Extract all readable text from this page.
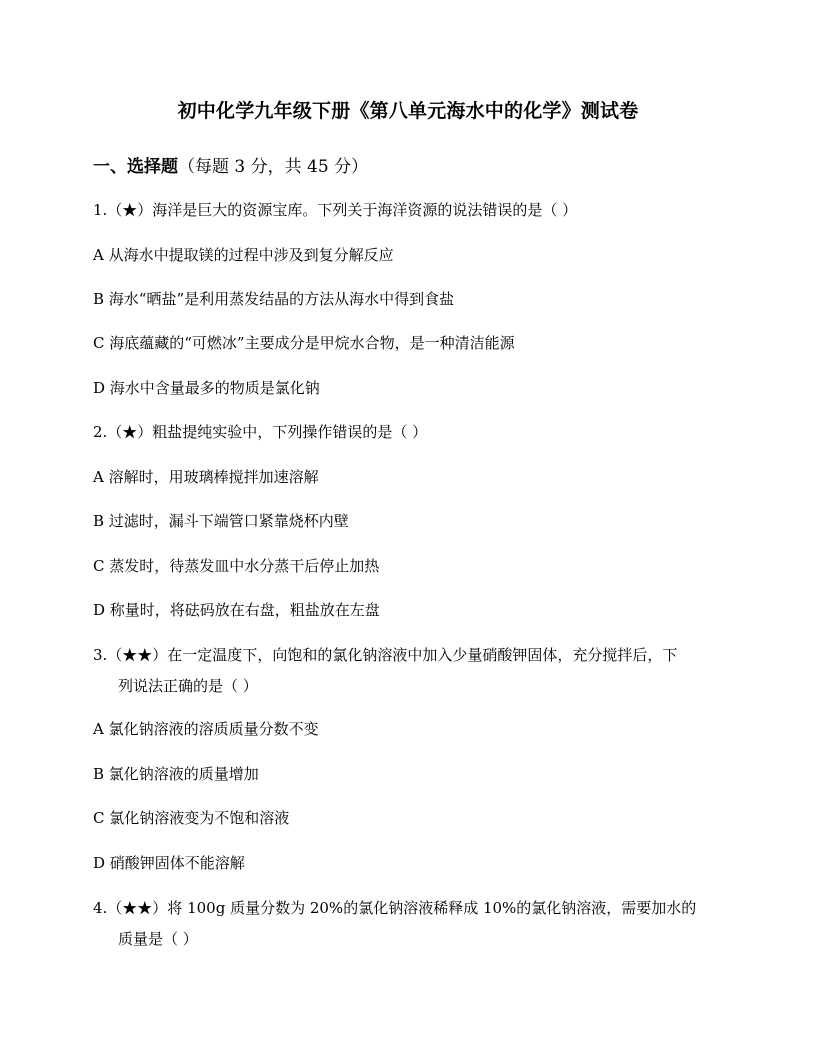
初中化学九年级下册《第八单元海水中的化学》测试卷
一、选择题（每题 3 分，共 45 分）
1.（★）海洋是巨大的资源宝库。下列关于海洋资源的说法错误的是（ ）
A 从海水中提取镁的过程中涉及到复分解反应
B 海水“晒盐”是利用蒸发结晶的方法从海水中得到食盐
C 海底蕴藏的“可燃冰”主要成分是甲烷水合物，是一种清洁能源
D 海水中含量最多的物质是氯化钠
2.（★）粗盐提纯实验中，下列操作错误的是（ ）
A 溶解时，用玻璃棒搅拌加速溶解
B 过滤时，漏斗下端管口紧靠烧杯内壁
C 蒸发时，待蒸发皿中水分蒸干后停止加热
D 称量时，将砝码放在右盘，粗盐放在左盘
3.（★★）在一定温度下，向饱和的氯化钠溶液中加入少量硝酸钾固体，充分搅拌后，下
列说法正确的是（ ）
A 氯化钠溶液的溶质质量分数不变
B 氯化钠溶液的质量增加
C 氯化钠溶液变为不饱和溶液
D 硝酸钾固体不能溶解
4.（★★）将 100g 质量分数为 20%的氯化钠溶液稀释成 10%的氯化钠溶液，需要加水的
质量是（ ）
